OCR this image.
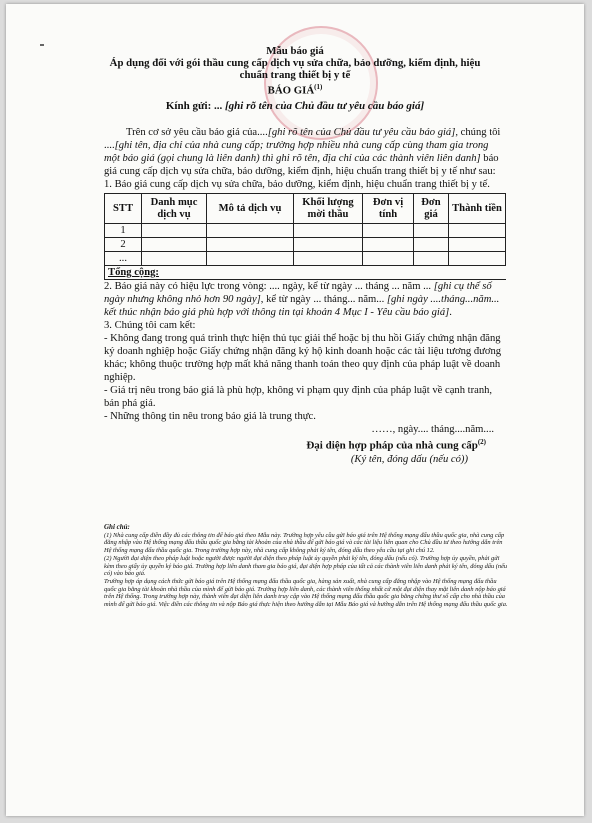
Mẫu báo giá
Áp dụng đối với gói thầu cung cấp dịch vụ sửa chữa, bảo dưỡng, kiểm định, hiệu
chuẩn trang thiết bị y tế
BÁO GIÁ$^{(1)}$
Kính gửi: ... [ghi rõ tên của Chủ đầu tư yêu cầu báo giá]

Trên cơ sở yêu cầu báo giá của....[ghi rõ tên của Chủ đầu tư yêu cầu báo giá], chúng tôi ....[ghi tên, địa chỉ của nhà cung cấp; trường hợp nhiều nhà cung cấp cùng tham gia trong một báo giá (gọi chung là liên danh) thì ghi rõ tên, địa chỉ của các thành viên liên danh] báo giá cung cấp dịch vụ sửa chữa, bảo dưỡng, kiểm định, hiệu chuẩn trang thiết bị y tế như sau:

1. Báo giá cung cấp dịch vụ sửa chữa, bảo dưỡng, kiểm định, hiệu chuẩn trang thiết bị y tế.

STT	Danh mục dịch vụ	Mô tả dịch vụ	Khối lượng mời thầu	Đơn vị tính	Đơn giá	Thành tiền
1						
2						
...						
Tổng cộng:						

2. Báo giá này có hiệu lực trong vòng: .... ngày, kể từ ngày ... tháng ... năm ... [ghi cụ thể số ngày nhưng không nhỏ hơn 90 ngày], kể từ ngày ... tháng... năm... [ghi ngày ....tháng...năm... kết thúc nhận báo giá phù hợp với thông tin tại khoản 4 Mục I - Yêu cầu báo giá].

3. Chúng tôi cam kết:

- Không đang trong quá trình thực hiện thủ tục giải thể hoặc bị thu hồi Giấy chứng nhận đăng ký doanh nghiệp hoặc Giấy chứng nhận đăng ký hộ kinh doanh hoặc các tài liệu tương đương khác; không thuộc trường hợp mất khả năng thanh toán theo quy định của pháp luật về doanh nghiệp.

- Giá trị nêu trong báo giá là phù hợp, không vi phạm quy định của pháp luật về cạnh tranh, bán phá giá.

- Những thông tin nêu trong báo giá là trung thực.

……, ngày.... tháng....năm....

Đại diện hợp pháp của nhà cung cấp$^{(2)}$

(Ký tên, đóng dấu (nếu có))

Ghi chú:
(1) Nhà cung cấp điền đầy đủ các thông tin để báo giá theo Mẫu này. Trường hợp yêu cầu gửi báo giá trên Hệ thống mạng đấu thầu quốc gia, nhà cung cấp đăng nhập vào Hệ thống mạng đấu thầu quốc gia bằng tài khoản của nhà thầu để gửi báo giá và các tài liệu liên quan cho Chủ đầu tư theo hướng dẫn trên Hệ thống mạng đấu thầu quốc gia. Trong trường hợp này, nhà cung cấp không phải ký tên, đóng dấu theo yêu cầu tại ghi chú 12.
(2) Người đại diện theo pháp luật hoặc người được người đại diện theo pháp luật ủy quyền phải ký tên, đóng dấu (nếu có). Trường hợp ủy quyền, phải gửi kèm theo giấy ủy quyền ký báo giá. Trường hợp liên danh tham gia báo giá, đại diện hợp pháp của tất cả các thành viên liên danh phải ký tên, đóng dấu (nếu có) vào báo giá.
Trường hợp áp dụng cách thức gửi báo giá trên Hệ thống mạng đấu thầu quốc gia, hàng sản xuất, nhà cung cấp đăng nhập vào Hệ thống mạng đấu thầu quốc gia bằng tài khoản nhà thầu của mình để gửi báo giá. Trường hợp liên danh, các thành viên thống nhất cử một đại diện thay mặt liên danh nộp báo giá trên Hệ thống. Trong trường hợp này, thành viên đại diện liên danh truy cập vào Hệ thống mạng đấu thầu quốc gia bằng chứng thư số cấp cho nhà thầu của mình để gửi báo giá. Việc điền các thông tin và nộp Báo giá thực hiện theo hướng dẫn tại Mẫu Báo giá và hướng dẫn trên Hệ thống mạng đấu thầu quốc gia.
